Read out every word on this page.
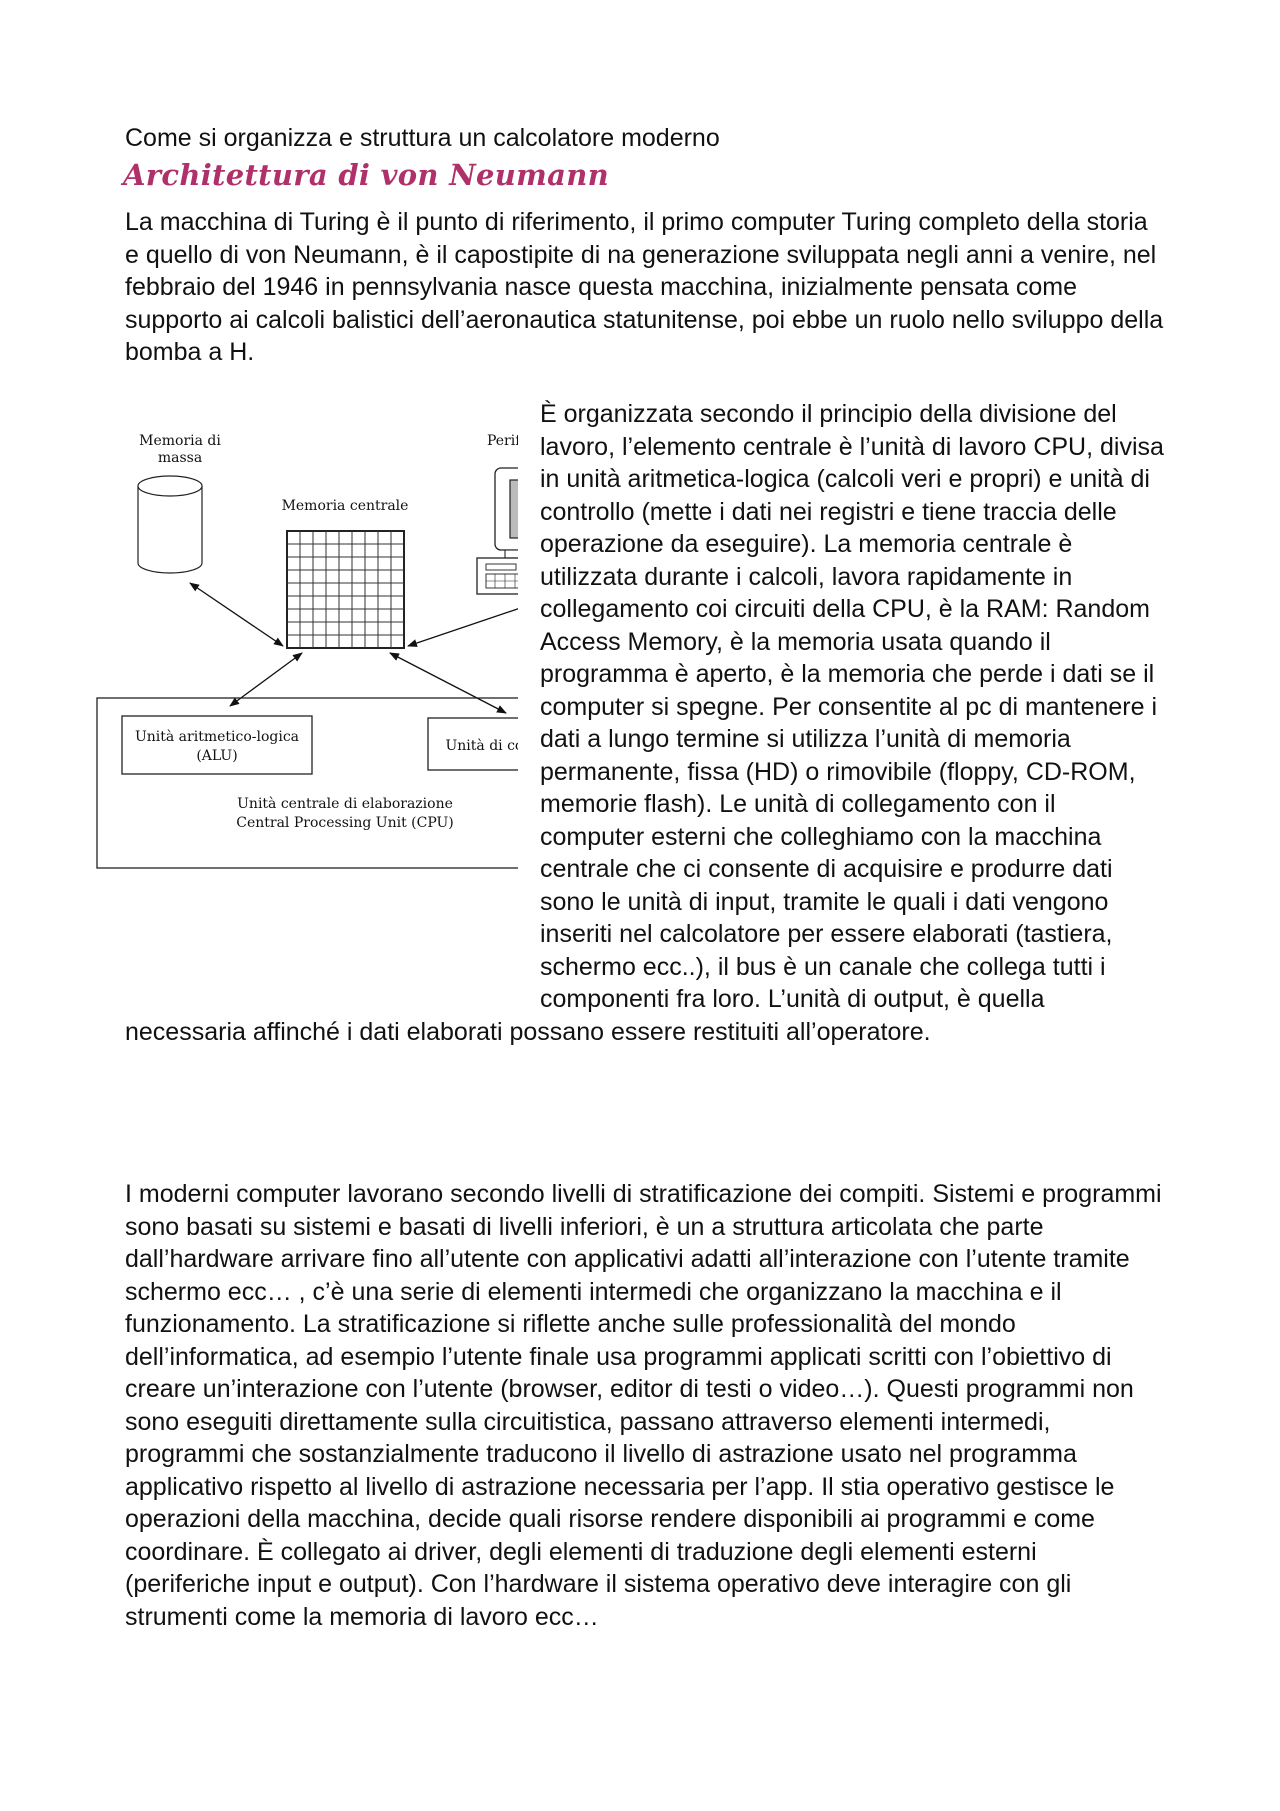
Come si organizza e struttura un calcolatore moderno
Architettura di von Neumann

La macchina di Turing è il punto di riferimento, il primo computer Turing completo della storia e quello di von Neumann, è il capostipite di na generazione sviluppata negli anni a venire, nel febbraio del 1946 in pennsylvania nasce questa macchina, inizialmente pensata come supporto ai calcoli balistici dell’aeronautica statunitense, poi ebbe un ruolo nello sviluppo della bomba a H.

Memoria di
massa
Perif
Memoria centrale
Unità aritmetico-logica
(ALU)
Unità di c
Unità centrale di elaborazione
Central Processing Unit (CPU)
È organizzata secondo il principio della divisione del lavoro, l’elemento centrale è l’unità di lavoro CPU, divisa in unità aritmetica-logica (calcoli veri e propri) e unità di controllo (mette i dati nei registri e tiene traccia delle operazione da eseguire). La memoria centrale è utilizzata durante i calcoli, lavora rapidamente in collegamento coi circuiti della CPU, è la RAM: Random Access Memory, è la memoria usata quando il programma è aperto, è la memoria che perde i dati se il computer si spegne. Per consentite al pc di mantenere i dati a lungo termine si utilizza l’unità di memoria permanente, fissa (HD) o rimovibile (floppy, CD-ROM, memorie flash). Le unità di collegamento con il computer esterni che colleghiamo con la macchina centrale che ci consente di acquisire e produrre dati sono le unità di input, tramite le quali i dati vengono inseriti nel calcolatore per essere elaborati (tastiera, schermo ecc..), il bus è un canale che collega tutti i componenti fra loro. L’unità di output, è quella necessaria affinché i dati elaborati possano essere restituiti all’operatore.

I moderni computer lavorano secondo livelli di stratificazione dei compiti. Sistemi e programmi sono basati su sistemi e basati di livelli inferiori, è un a struttura articolata che parte dall’hardware arrivare fino all’utente con applicativi adatti all’interazione con l’utente tramite schermo ecc… , c’è una serie di elementi intermedi che organizzano la macchina e il funzionamento. La stratificazione si riflette anche sulle professionalità del mondo dell’informatica, ad esempio l’utente finale usa programmi applicati scritti con l’obiettivo di creare un’interazione con l’utente (browser, editor di testi o video…). Questi programmi non sono eseguiti direttamente sulla circuitistica, passano attraverso elementi intermedi, programmi che sostanzialmente traducono il livello di astrazione usato nel programma applicativo rispetto al livello di astrazione necessaria per l’app. Il stia operativo gestisce le operazioni della macchina, decide quali risorse rendere disponibili ai programmi e come coordinare. È collegato ai driver, degli elementi di traduzione degli elementi esterni (periferiche input e output). Con l’hardware il sistema operativo deve interagire con gli strumenti come la memoria di lavoro ecc…
